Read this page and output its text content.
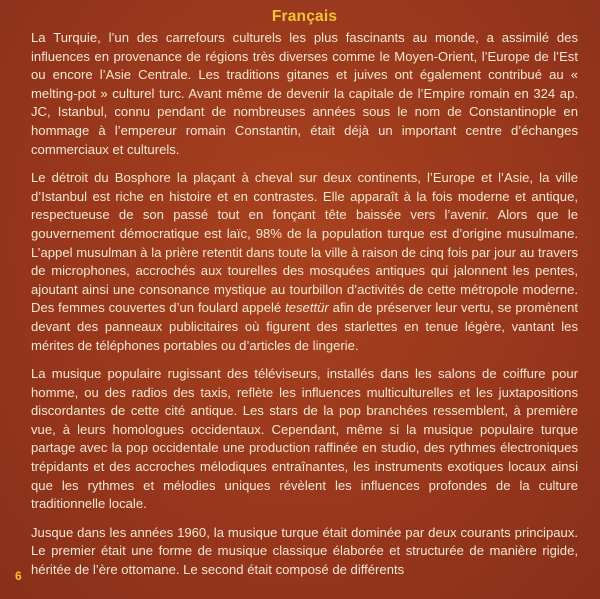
Français

La Turquie, l’un des carrefours culturels les plus fascinants au monde, a assimilé des influences en provenance de régions très diverses comme le Moyen-Orient, l’Europe de l’Est ou encore l’Asie Centrale. Les traditions gitanes et juives ont également contribué au « melting-pot » culturel turc. Avant même de devenir la capitale de l’Empire romain en 324 ap. JC, Istanbul, connu pendant de nombreuses années sous le nom de Constantinople en hommage à l’empereur romain Constantin, était déjà un important centre d’échanges commerciaux et culturels.

Le détroit du Bosphore la plaçant à cheval sur deux continents, l’Europe et l’Asie, la ville d’Istanbul est riche en histoire et en contrastes. Elle apparaît à la fois moderne et antique, respectueuse de son passé tout en fonçant tête baissée vers l’avenir. Alors que le gouvernement démocratique est laïc, 98% de la population turque est d’origine musulmane. L’appel musulman à la prière retentit dans toute la ville à raison de cinq fois par jour au travers de microphones, accrochés aux tourelles des mosquées antiques qui jalonnent les pentes, ajoutant ainsi une consonance mystique au tourbillon d’activités de cette métropole moderne. Des femmes couvertes d’un foulard appelé tesettür afin de préserver leur vertu, se promènent devant des panneaux publicitaires où figurent des starlettes en tenue légère, vantant les mérites de téléphones portables ou d’articles de lingerie.

La musique populaire rugissant des téléviseurs, installés dans les salons de coiffure pour homme, ou des radios des taxis, reflète les influences multiculturelles et les juxtapositions discordantes de cette cité antique. Les stars de la pop branchées ressemblent, à première vue, à leurs homologues occidentaux. Cependant, même si la musique populaire turque partage avec la pop occidentale une production raffinée en studio, des rythmes électroniques trépidants et des accroches mélodiques entraînantes, les instruments exotiques locaux ainsi que les rythmes et mélodies uniques révèlent les influences profondes de la culture traditionnelle locale.

Jusque dans les années 1960, la musique turque était dominée par deux courants principaux. Le premier était une forme de musique classique élaborée et structurée de manière rigide, héritée de l’ère ottomane. Le second était composé de différents

6
